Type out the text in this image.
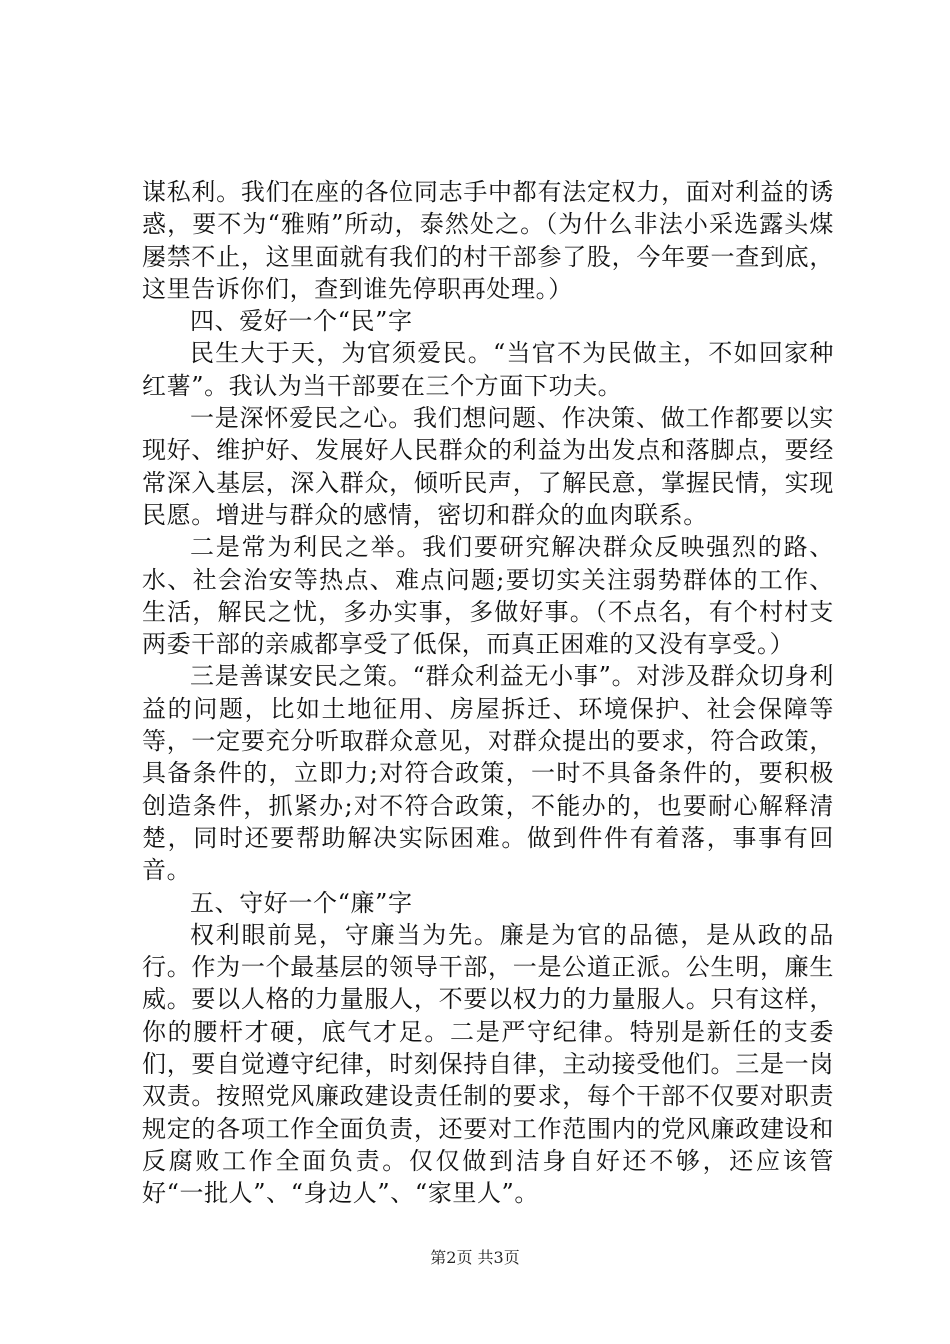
谋私利。我们在座的各位同志手中都有法定权力，面对利益的诱惑，要不为“雅贿”所动，泰然处之。（为什么非法小采选露头煤屡禁不止，这里面就有我们的村干部参了股，今年要一查到底，这里告诉你们，查到谁先停职再处理。）

四、爱好一个“民”字

民生大于天，为官须爱民。“当官不为民做主，不如回家种红薯”。我认为当干部要在三个方面下功夫。

一是深怀爱民之心。我们想问题、作决策、做工作都要以实现好、维护好、发展好人民群众的利益为出发点和落脚点，要经常深入基层，深入群众，倾听民声，了解民意，掌握民情，实现民愿。增进与群众的感情，密切和群众的血肉联系。

二是常为利民之举。我们要研究解决群众反映强烈的路、水、社会治安等热点、难点问题;要切实关注弱势群体的工作、生活，解民之忧，多办实事，多做好事。（不点名，有个村村支两委干部的亲戚都享受了低保，而真正困难的又没有享受。）

三是善谋安民之策。“群众利益无小事”。对涉及群众切身利益的问题，比如土地征用、房屋拆迁、环境保护、社会保障等等，一定要充分听取群众意见，对群众提出的要求，符合政策，具备条件的，立即力;对符合政策，一时不具备条件的，要积极创造条件，抓紧办;对不符合政策，不能办的，也要耐心解释清楚，同时还要帮助解决实际困难。做到件件有着落，事事有回音。

五、守好一个“廉”字

权利眼前晃，守廉当为先。廉是为官的品德，是从政的品行。作为一个最基层的领导干部，一是公道正派。公生明，廉生威。要以人格的力量服人，不要以权力的力量服人。只有这样，你的腰杆才硬，底气才足。二是严守纪律。特别是新任的支委们，要自觉遵守纪律，时刻保持自律，主动接受他们。三是一岗双责。按照党风廉政建设责任制的要求，每个干部不仅要对职责规定的各项工作全面负责，还要对工作范围内的党风廉政建设和反腐败工作全面负责。仅仅做到洁身自好还不够，还应该管好“一批人”、“身边人”、“家里人”。

第2页 共3页
